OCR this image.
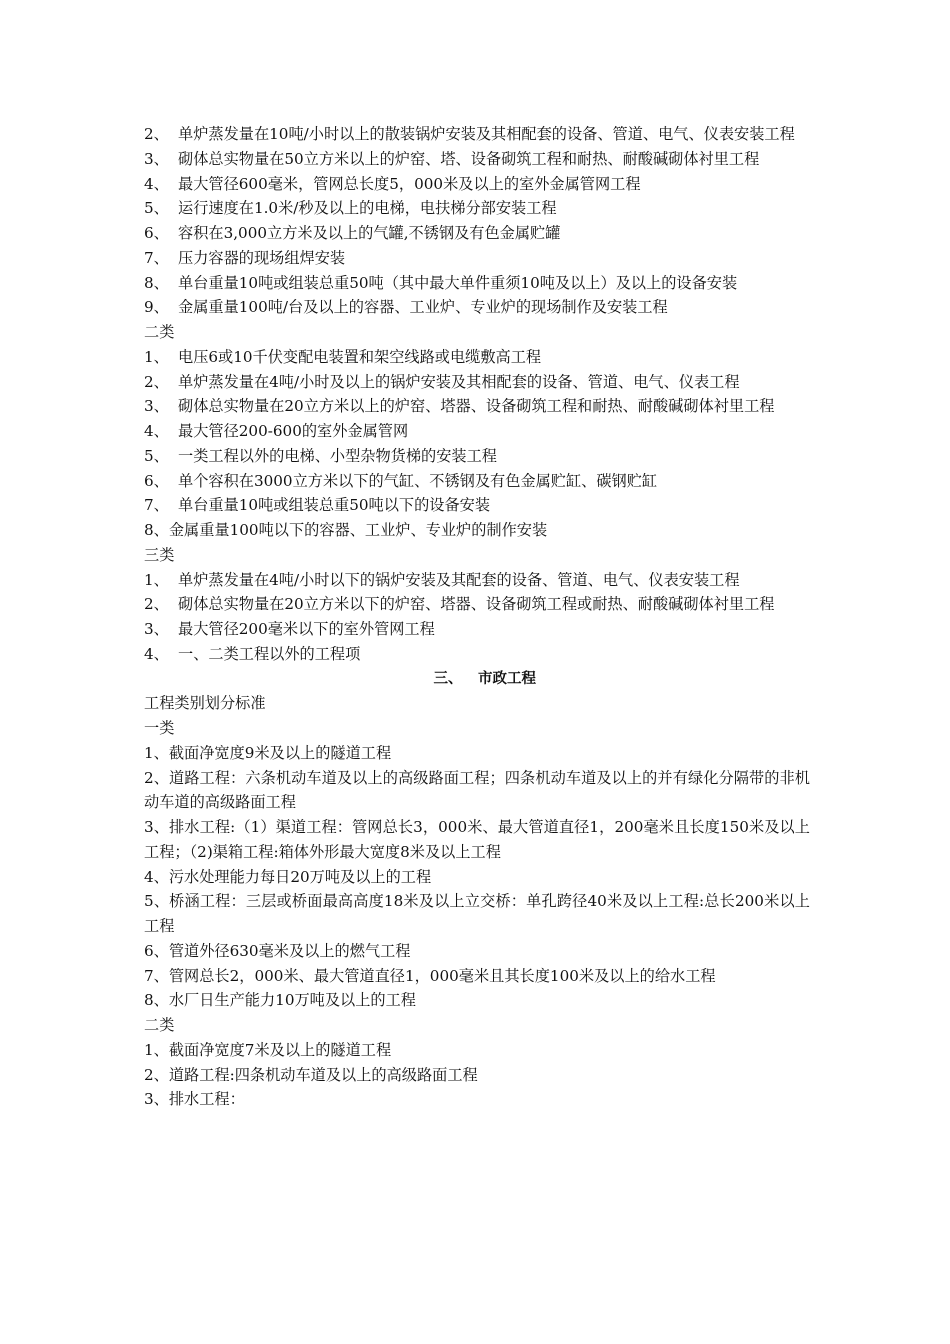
2、 单炉蒸发量在10吨/小时以上的散装锅炉安装及其相配套的设备、管道、电气、仪表安装工程

3、 砌体总实物量在50立方米以上的炉窑、塔、设备砌筑工程和耐热、耐酸碱砌体衬里工程

4、 最大管径600毫米，管网总长度5，000米及以上的室外金属管网工程

5、 运行速度在1.0米/秒及以上的电梯，电扶梯分部安装工程

6、 容积在3,000立方米及以上的气罐,不锈钢及有色金属贮罐

7、 压力容器的现场组焊安装

8、 单台重量10吨或组装总重50吨（其中最大单件重须10吨及以上）及以上的设备安装

9、 金属重量100吨/台及以上的容器、工业炉、专业炉的现场制作及安装工程

二类

1、 电压6或10千伏变配电装置和架空线路或电缆敷高工程

2、 单炉蒸发量在4吨/小时及以上的锅炉安装及其相配套的设备、管道、电气、仪表工程

3、 砌体总实物量在20立方米以上的炉窑、塔器、设备砌筑工程和耐热、耐酸碱砌体衬里工程

4、 最大管径200-600的室外金属管网

5、 一类工程以外的电梯、小型杂物货梯的安装工程

6、 单个容积在3000立方米以下的气缸、不锈钢及有色金属贮缸、碳钢贮缸

7、 单台重量10吨或组装总重50吨以下的设备安装

8、金属重量100吨以下的容器、工业炉、专业炉的制作安装

三类

1、 单炉蒸发量在4吨/小时以下的锅炉安装及其配套的设备、管道、电气、仪表安装工程

2、 砌体总实物量在20立方米以下的炉窑、塔器、设备砌筑工程或耐热、耐酸碱砌体衬里工程

3、 最大管径200毫米以下的室外管网工程

4、 一、二类工程以外的工程项

三、 市政工程

工程类别划分标准

一类

1、截面净宽度9米及以上的隧道工程

2、道路工程：六条机动车道及以上的高级路面工程；四条机动车道及以上的并有绿化分隔带的非机动车道的高级路面工程

3、排水工程:（1）渠道工程：管网总长3，000米、最大管道直径1，200毫米且长度150米及以上工程；（2)渠箱工程:箱体外形最大宽度8米及以上工程

4、污水处理能力每日20万吨及以上的工程

5、桥涵工程：三层或桥面最高高度18米及以上立交桥：单孔跨径40米及以上工程:总长200米以上工程

6、管道外径630毫米及以上的燃气工程

7、管网总长2，000米、最大管道直径1，000毫米且其长度100米及以上的给水工程

8、水厂日生产能力10万吨及以上的工程

二类

1、截面净宽度7米及以上的隧道工程

2、道路工程:四条机动车道及以上的高级路面工程

3、排水工程：
